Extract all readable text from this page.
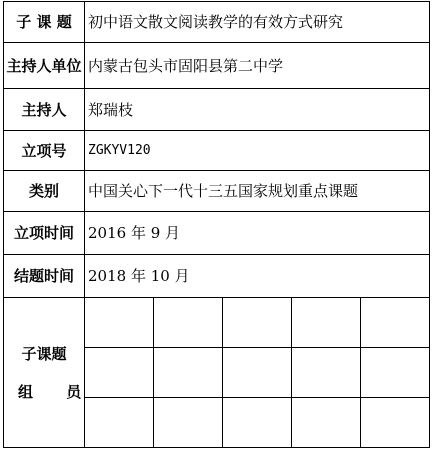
子 课 题	初中语文散文阅读教学的有效方式研究				
主持人单位	内蒙古包头市固阳县第二中学				
主持人	郑瑞枝				
立项号	ZGKYV120				
类别	中国关心下一代十三五国家规划重点课题				
立项时间	2016 年 9 月				
结题时间	2018 年 10 月				

子课题
组 员					
